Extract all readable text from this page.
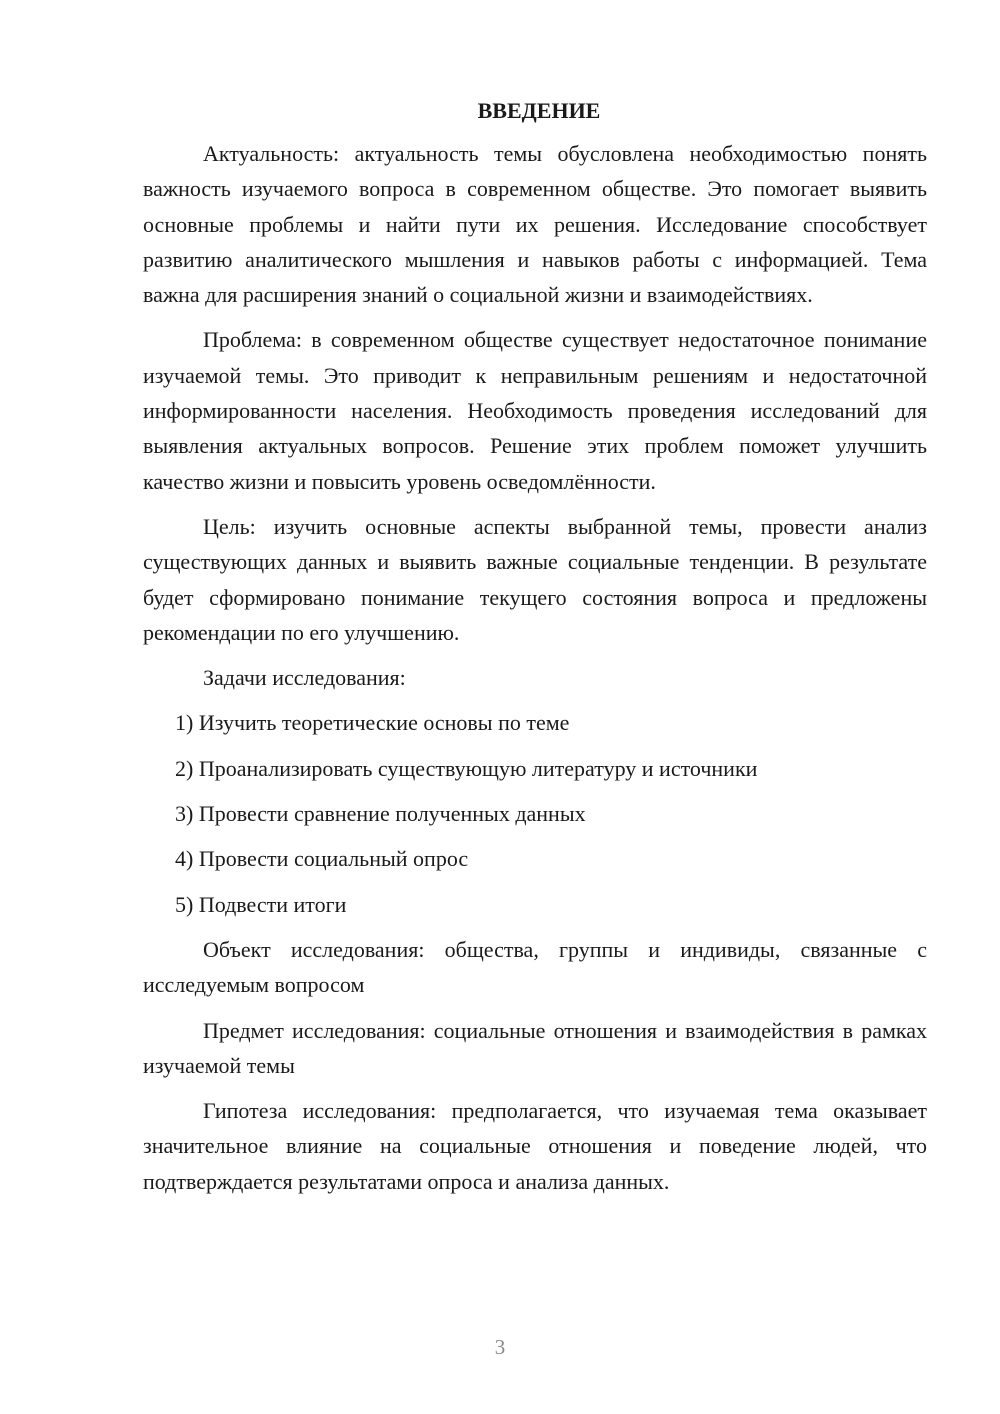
ВВЕДЕНИЕ

Актуальность: актуальность темы обусловлена необходимостью понять важность изучаемого вопроса в современном обществе. Это помогает выявить основные проблемы и найти пути их решения. Исследование способствует развитию аналитического мышления и навыков работы с информацией. Тема важна для расширения знаний о социальной жизни и взаимодействиях.

Проблема: в современном обществе существует недостаточное понимание изучаемой темы. Это приводит к неправильным решениям и недостаточной информированности населения. Необходимость проведения исследований для выявления актуальных вопросов. Решение этих проблем поможет улучшить качество жизни и повысить уровень осведомлённости.

Цель: изучить основные аспекты выбранной темы, провести анализ существующих данных и выявить важные социальные тенденции. В результате будет сформировано понимание текущего состояния вопроса и предложены рекомендации по его улучшению.

Задачи исследования:

1) Изучить теоретические основы по теме
2) Проанализировать существующую литературу и источники
3) Провести сравнение полученных данных
4) Провести социальный опрос
5) Подвести итоги

Объект исследования: общества, группы и индивиды, связанные с исследуемым вопросом

Предмет исследования: социальные отношения и взаимодействия в рамках изучаемой темы

Гипотеза исследования: предполагается, что изучаемая тема оказывает значительное влияние на социальные отношения и поведение людей, что подтверждается результатами опроса и анализа данных.

3
